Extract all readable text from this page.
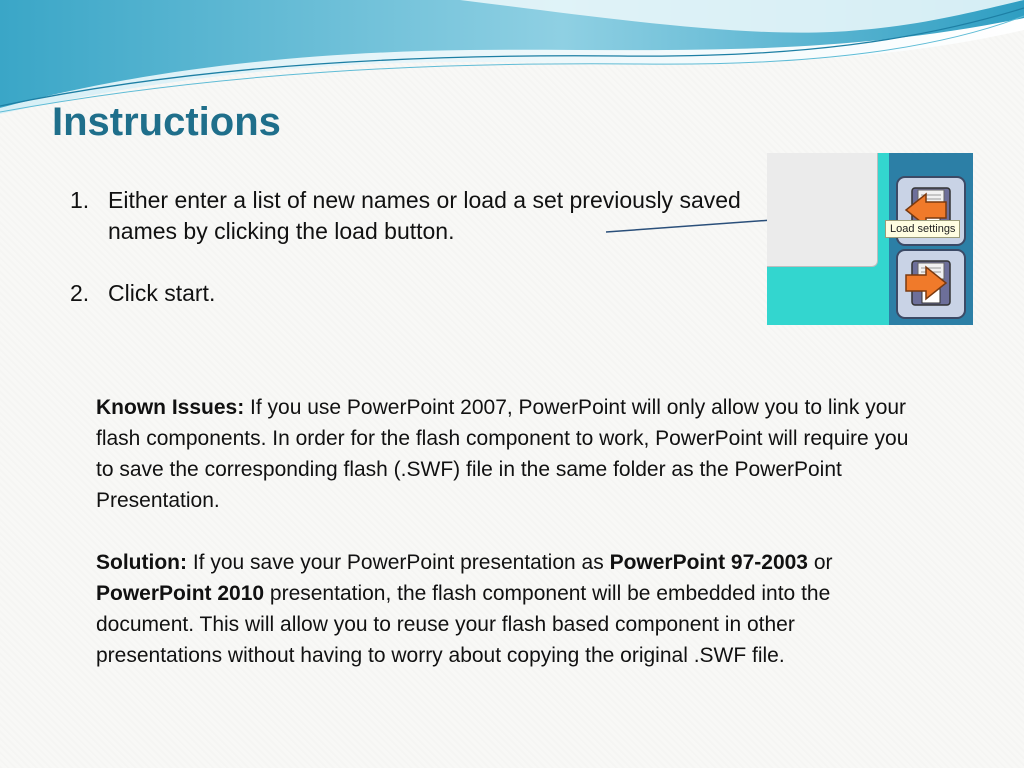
Instructions
1. Either enter a list of new names or load a set previously saved names by clicking the load button.
2. Click start.
Load settings

Known Issues: If you use PowerPoint 2007, PowerPoint will only allow you to link your flash components. In order for the flash component to work, PowerPoint will require you to save the corresponding flash (.SWF) file in the same folder as the PowerPoint Presentation.

Solution: If you save your PowerPoint presentation as PowerPoint 97-2003 or PowerPoint 2010 presentation, the flash component will be embedded into the document. This will allow you to reuse your flash based component in other presentations without having to worry about copying the original .SWF file.
